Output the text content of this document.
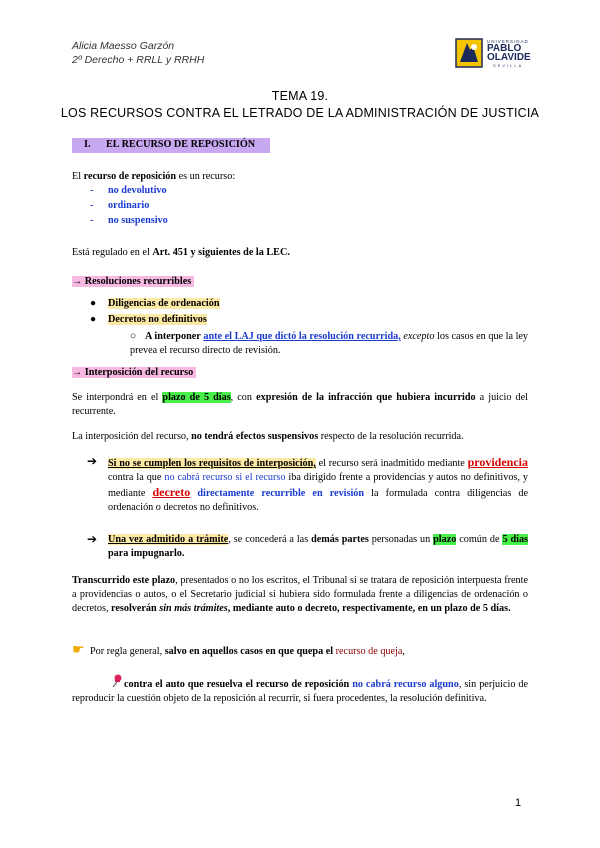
Alicia Maesso Garzón
2º Derecho + RRLL y RRHH
UNIVERSIDAD
PABLO
OLAVIDE
SEVILLA
TEMA 19.
LOS RECURSOS CONTRA EL LETRADO DE LA ADMINISTRACIÓN DE JUSTICIA
I. EL RECURSO DE REPOSICIÓN
El recurso de reposición es un recurso:
- no devolutivo
- ordinario
- no suspensivo
Está regulado en el Art. 451 y siguientes de la LEC.
→ Resoluciones recurribles
● Diligencias de ordenación
● Decretos no definitivos
○ A interponer ante el LAJ que dictó la resolución recurrida, excepto los casos en que la ley prevea el recurso directo de revisión.
→ Interposición del recurso
Se interpondrá en el plazo de 5 días, con expresión de la infracción que hubiera incurrido a juicio del recurrente.
La interposición del recurso, no tendrá efectos suspensivos respecto de la resolución recurrida.
➔ Si no se cumplen los requisitos de interposición, el recurso será inadmitido mediante providencia contra la que no cabrá recurso si el recurso iba dirigido frente a providencias y autos no definitivos, y mediante decreto directamente recurrible en revisión la formulada contra diligencias de ordenación o decretos no definitivos.
➔ Una vez admitido a trámite, se concederá a las demás partes personadas un plazo común de 5 días para impugnarlo.
Transcurrido este plazo, presentados o no los escritos, el Tribunal si se tratara de reposición interpuesta frente a providencias o autos, o el Secretario judicial si hubiera sido formulada frente a diligencias de ordenación o decretos, resolverán sin más trámites, mediante auto o decreto, respectivamente, en un plazo de 5 días.
☛ Por regla general, salvo en aquellos casos en que quepa el recurso de queja,
contra el auto que resuelva el recurso de reposición no cabrá recurso alguno, sin perjuicio de reproducir la cuestión objeto de la reposición al recurrir, si fuera procedentes, la resolución definitiva.
1
